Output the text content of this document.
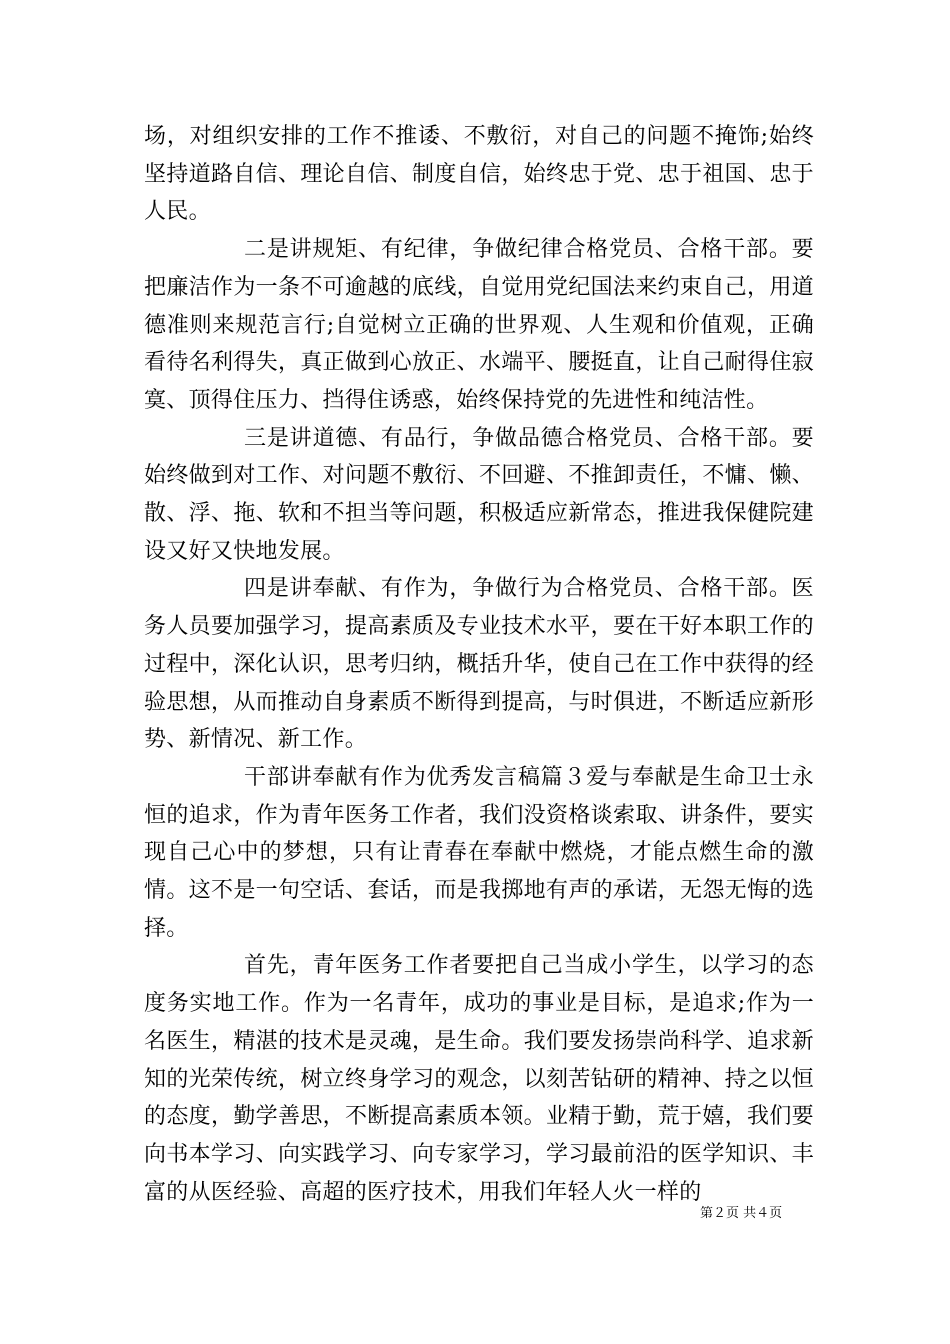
场，对组织安排的工作不推诿、不敷衍，对自己的问题不掩饰;始终坚持道路自信、理论自信、制度自信，始终忠于党、忠于祖国、忠于人民。

二是讲规矩、有纪律，争做纪律合格党员、合格干部。要把廉洁作为一条不可逾越的底线，自觉用党纪国法来约束自己，用道德准则来规范言行;自觉树立正确的世界观、人生观和价值观，正确看待名利得失，真正做到心放正、水端平、腰挺直，让自己耐得住寂寞、顶得住压力、挡得住诱惑，始终保持党的先进性和纯洁性。

三是讲道德、有品行，争做品德合格党员、合格干部。要始终做到对工作、对问题不敷衍、不回避、不推卸责任，不慵、懒、散、浮、拖、软和不担当等问题，积极适应新常态，推进我保健院建设又好又快地发展。

四是讲奉献、有作为，争做行为合格党员、合格干部。医务人员要加强学习，提高素质及专业技术水平，要在干好本职工作的过程中，深化认识，思考归纳，概括升华，使自己在工作中获得的经验思想，从而推动自身素质不断得到提高，与时俱进，不断适应新形势、新情况、新工作。

干部讲奉献有作为优秀发言稿篇３爱与奉献是生命卫士永恒的追求，作为青年医务工作者，我们没资格谈索取、讲条件，要实现自己心中的梦想，只有让青春在奉献中燃烧，才能点燃生命的激情。这不是一句空话、套话，而是我掷地有声的承诺，无怨无悔的选择。

首先，青年医务工作者要把自己当成小学生，以学习的态度务实地工作。作为一名青年，成功的事业是目标，是追求;作为一名医生，精湛的技术是灵魂，是生命。我们要发扬崇尚科学、追求新知的光荣传统，树立终身学习的观念，以刻苦钻研的精神、持之以恒的态度，勤学善思，不断提高素质本领。业精于勤，荒于嬉，我们要向书本学习、向实践学习、向专家学习，学习最前沿的医学知识、丰富的从医经验、高超的医疗技术，用我们年轻人火一样的

第２页 共４页
